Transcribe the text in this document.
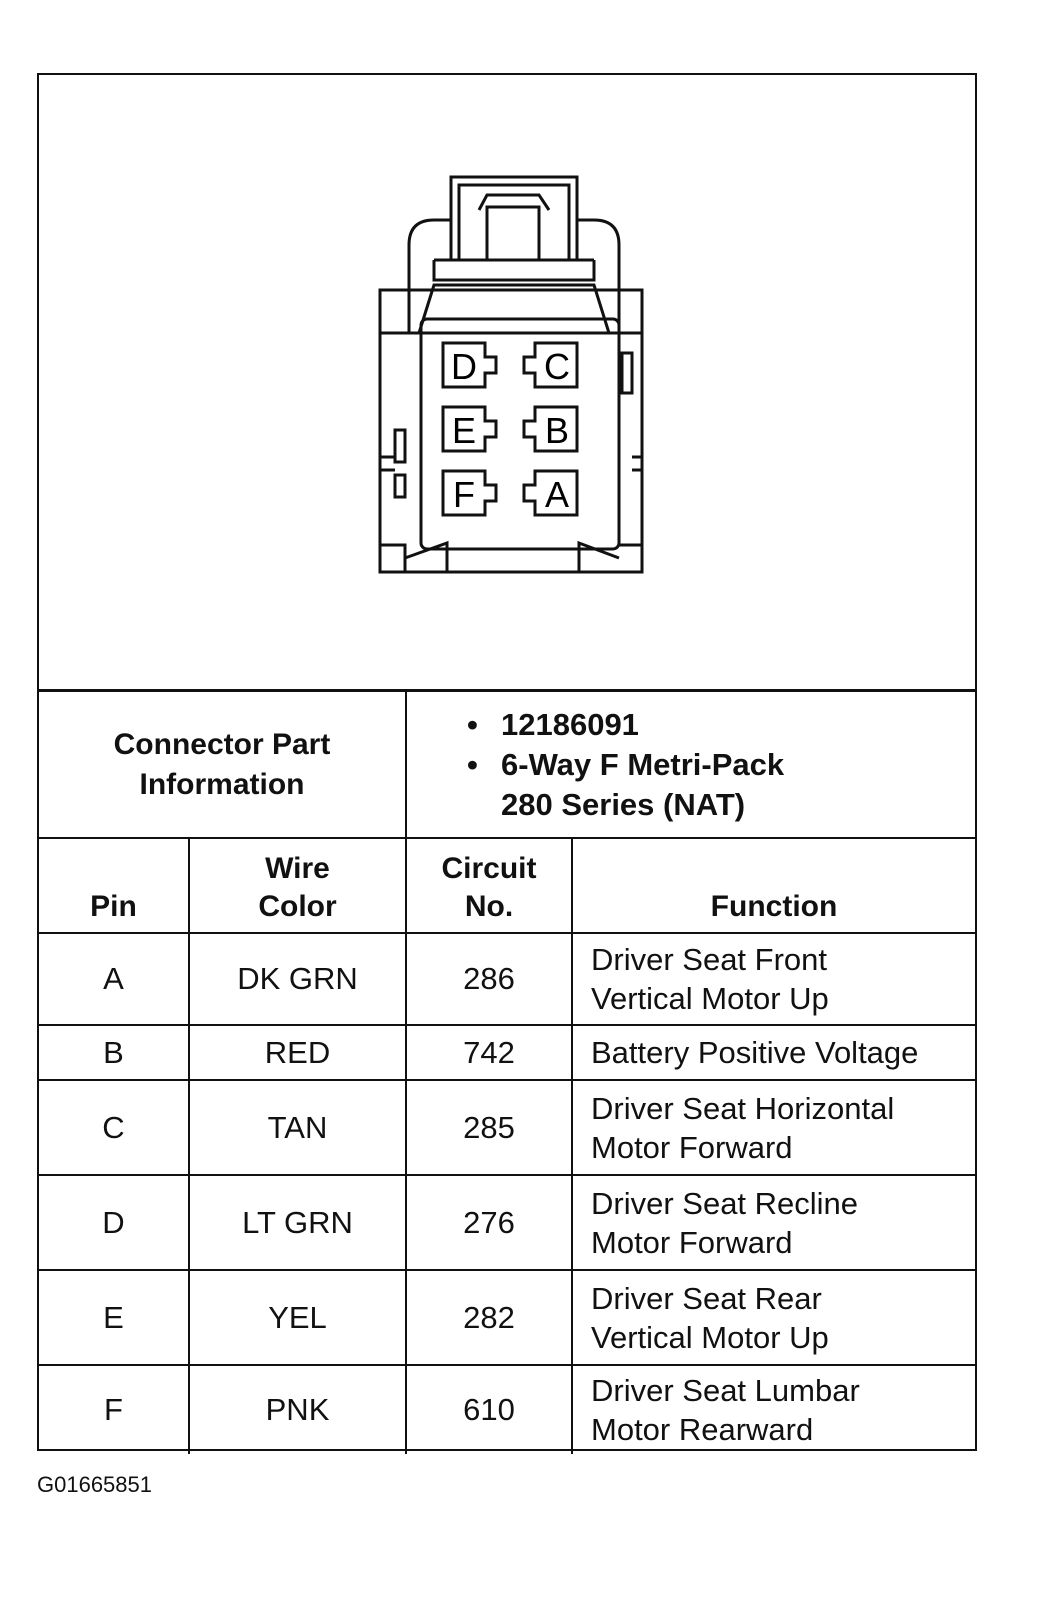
D C
E B
F A
Connector Part Information		• 12186091
• 6-Way F Metri-Pack 280 Series (NAT)

Pin	Wire Color	Circuit No.	Function
A	DK GRN	286	Driver Seat Front Vertical Motor Up

B	RED	742	Battery Positive Voltage
C	TAN	285	Driver Seat Horizontal Motor Forward

D	LT GRN	276	Driver Seat Recline Motor Forward

E	YEL	282	Driver Seat Rear Vertical Motor Up

F	PNK	610	Driver Seat Lumbar Motor Rearward
G01665851
